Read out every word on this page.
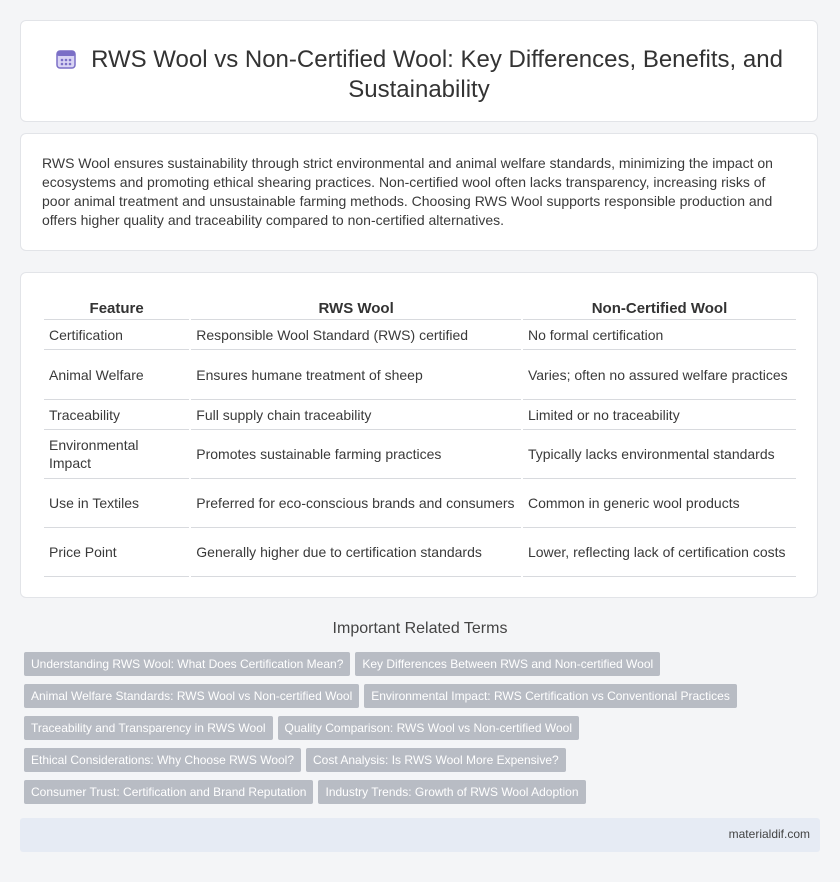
RWS Wool vs Non-Certified Wool: Key Differences, Benefits, and Sustainability
RWS Wool ensures sustainability through strict environmental and animal welfare standards, minimizing the impact on ecosystems and promoting ethical shearing practices. Non-certified wool often lacks transparency, increasing risks of poor animal treatment and unsustainable farming methods. Choosing RWS Wool supports responsible production and offers higher quality and traceability compared to non-certified alternatives.
Feature	RWS Wool	Non-Certified Wool
Certification	Responsible Wool Standard (RWS) certified	No formal certification
Animal Welfare	Ensures humane treatment of sheep	Varies; often no assured welfare practices
Traceability	Full supply chain traceability	Limited or no traceability
Environmental Impact	Promotes sustainable farming practices	Typically lacks environmental standards
Use in Textiles	Preferred for eco-conscious brands and consumers	Common in generic wool products
Price Point	Generally higher due to certification standards	Lower, reflecting lack of certification costs
Important Related Terms
Understanding RWS Wool: What Does Certification Mean? Key Differences Between RWS and Non-certified Wool
Animal Welfare Standards: RWS Wool vs Non-certified Wool Environmental Impact: RWS Certification vs Conventional Practices
Traceability and Transparency in RWS Wool Quality Comparison: RWS Wool vs Non-certified Wool
Ethical Considerations: Why Choose RWS Wool? Cost Analysis: Is RWS Wool More Expensive?
Consumer Trust: Certification and Brand Reputation Industry Trends: Growth of RWS Wool Adoption
materialdif.com
